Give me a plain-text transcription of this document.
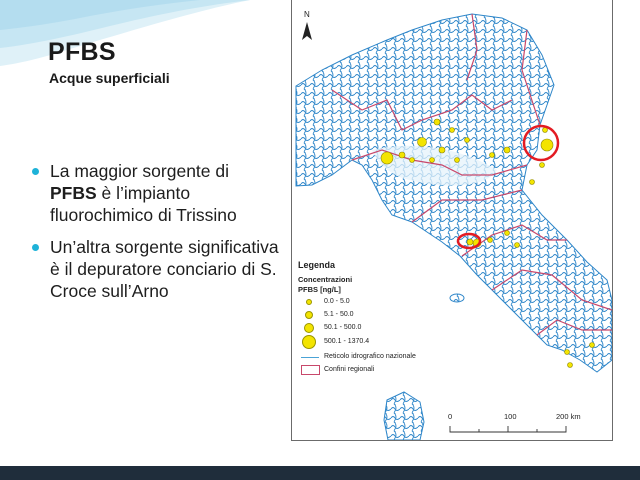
PFBS
Acque superficiali
La maggior sorgente di
PFBS è l’impianto
fluorochimico di Trissino
Un’altra sorgente significativa è il depuratore conciario di S. Croce sull’Arno
N
Legenda
Concentrazioni
PFBS [ng/L]
0.0 - 5.0
5.1 - 50.0
50.1 - 500.0
500.1 - 1370.4
Reticolo idrografico nazionale
Confini regionali
0	100	200 km
